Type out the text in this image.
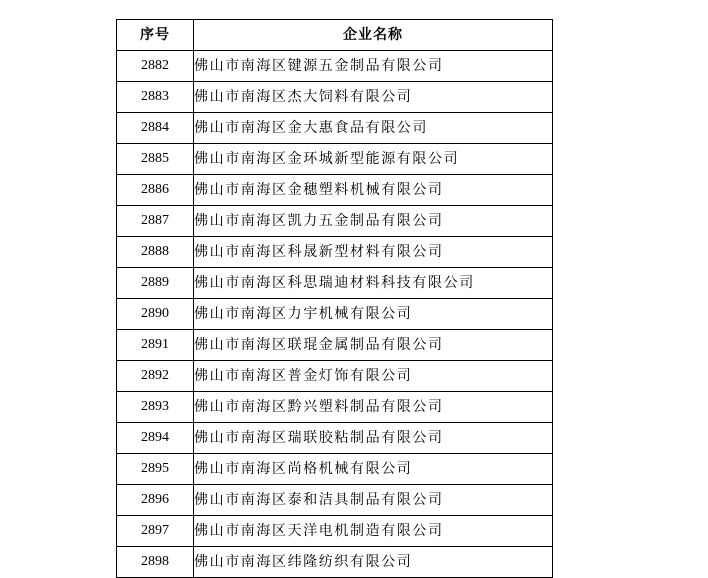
序号	企业名称
2882	佛山市南海区键源五金制品有限公司
2883	佛山市南海区杰大饲料有限公司
2884	佛山市南海区金大惠食品有限公司
2885	佛山市南海区金环城新型能源有限公司
2886	佛山市南海区金穗塑料机械有限公司
2887	佛山市南海区凯力五金制品有限公司
2888	佛山市南海区科晟新型材料有限公司
2889	佛山市南海区科思瑞迪材料科技有限公司
2890	佛山市南海区力宇机械有限公司
2891	佛山市南海区联琨金属制品有限公司
2892	佛山市南海区普金灯饰有限公司
2893	佛山市南海区黔兴塑料制品有限公司
2894	佛山市南海区瑞联胶粘制品有限公司
2895	佛山市南海区尚格机械有限公司
2896	佛山市南海区泰和洁具制品有限公司
2897	佛山市南海区天洋电机制造有限公司
2898	佛山市南海区纬隆纺织有限公司
